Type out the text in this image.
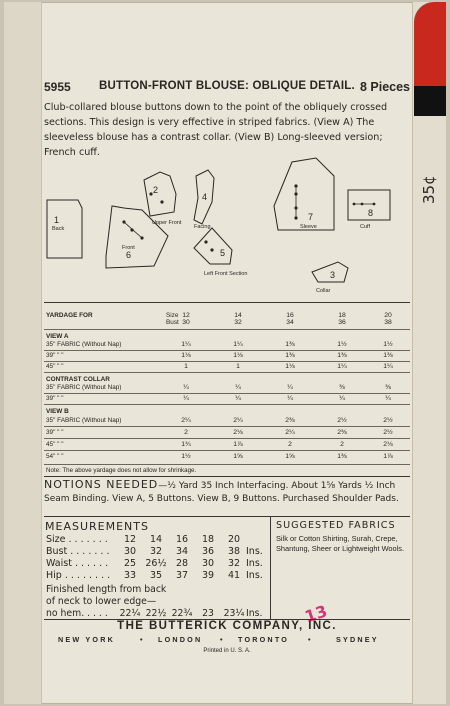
35¢
5955 BUTTON-FRONT BLOUSE: OBLIQUE DETAIL. 8 Pieces

Club-collared blouse buttons down to the point of the obliquely crossed sections. This design is very effective in striped fabrics. (View A) The sleeveless blouse has a contrast collar. (View B) Long-sleeved version; French cuff.

1
Back
2
Upper Front
4
Facing
6
Front	5
Left Front Section
7
Sleeve
8
Cuff
3
Collar
YARDAGE FOR	Size 12	14	16	18	20
Bust 30	32	34	36	38
VIEW A
35" FABRIC (Without Nap)	1¼	1¼	1⅜	1½	1½
39" " "	1⅛	1⅛	1⅜	1⅜	1⅜
45" " "	1	1	1⅛	1¼	1¼
CONTRAST COLLAR
35" FABRIC (Without Nap)	¼	¼	¼	⅜	⅜
39" " "	¼	¼	¼	¼	¼
VIEW B
35" FABRIC (Without Nap)	2¼	2¼	2⅜	2½	2½
39" " "	2	2⅛	2¼	2⅜	2½
45" " "	1¾	1⅞	2	2	2⅛
54" " "	1½	1⅝	1⅝	1⅜	1⅞
Note: The above yardage does not allow for shrinkage.

NOTIONS NEEDED—½ Yard 35 Inch Interfacing. About 1⅝ Yards ½ Inch Seam Binding. View A, 5 Buttons. View B, 9 Buttons. Purchased Shoulder Pads.

MEASUREMENTS
Size . . . . . . .	12	14	16	18	20
Bust . . . . . . .	30	32	34	36	38 Ins.
Waist . . . . . .	25 26½ 28	30	32 Ins.
Hip . . . . . . . .	33	35	37	39	41 Ins.
Finished length from back
of neck to lower edge—
no hem. . . . . 22¼ 22½ 22¾	23	23¼ Ins.
SUGGESTED FABRICS

Silk or Cotton Shirting, Surah, Crepe, Shantung, Sheer or Lightweight Wools.

13
THE BUTTERICK COMPANY, INC.
NEW YORK	• LONDON • TORONTO	•	SYDNEY
Printed in U. S. A.
